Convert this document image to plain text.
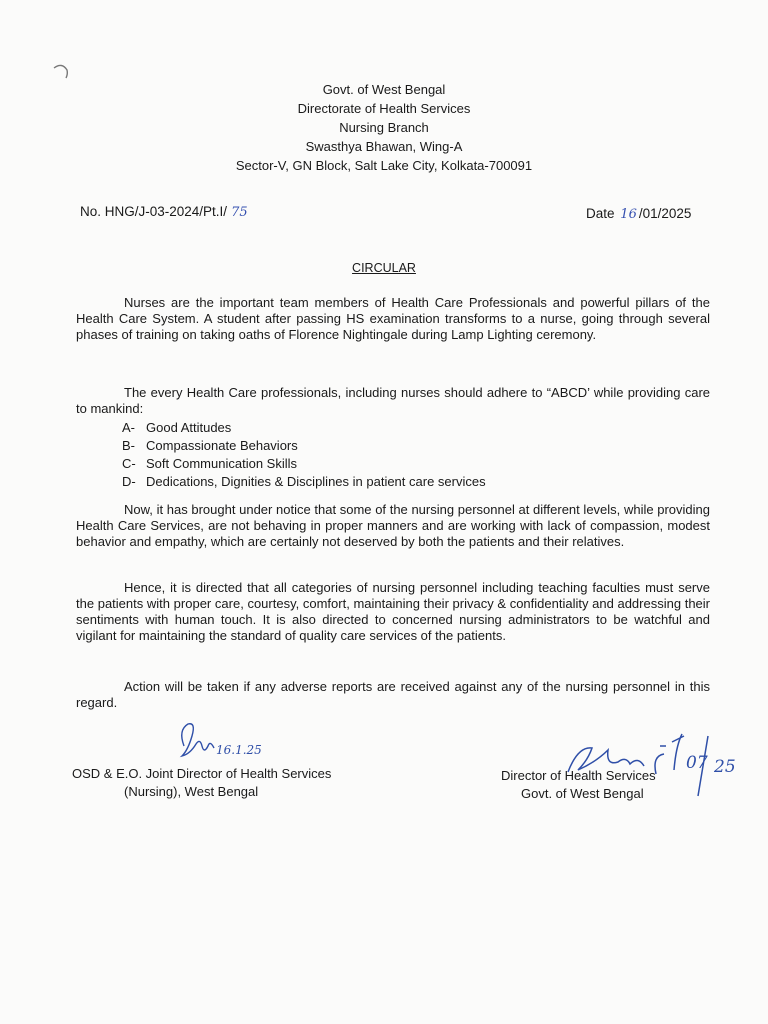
Govt. of West Bengal
Directorate of Health Services
Nursing Branch
Swasthya Bhawan, Wing-A
Sector-V, GN Block, Salt Lake City, Kolkata-700091
No. HNG/J-03-2024/Pt.I/ 75	Date 16 /01/2025
CIRCULAR

Nurses are the important team members of Health Care Professionals and powerful pillars of the Health Care System. A student after passing HS examination transforms to a nurse, going through several phases of training on taking oaths of Florence Nightingale during Lamp Lighting ceremony.

The every Health Care professionals, including nurses should adhere to “ABCD’ while providing care to mankind:

A- Good Attitudes
B- Compassionate Behaviors
C- Soft Communication Skills
D- Dedications, Dignities & Disciplines in patient care services

Now, it has brought under notice that some of the nursing personnel at different levels, while providing Health Care Services, are not behaving in proper manners and are working with lack of compassion, modest behavior and empathy, which are certainly not deserved by both the patients and their relatives.

Hence, it is directed that all categories of nursing personnel including teaching faculties must serve the patients with proper care, courtesy, comfort, maintaining their privacy & confidentiality and addressing their sentiments with human touch. It is also directed to concerned nursing administrators to be watchful and vigilant for maintaining the standard of quality care services of the patients.

Action will be taken if any adverse reports are received against any of the nursing personnel in this regard.

16.1.25
07 25
OSD & E.O. Joint Director of Health Services
(Nursing), West Bengal
Director of Health Services
Govt. of West Bengal
